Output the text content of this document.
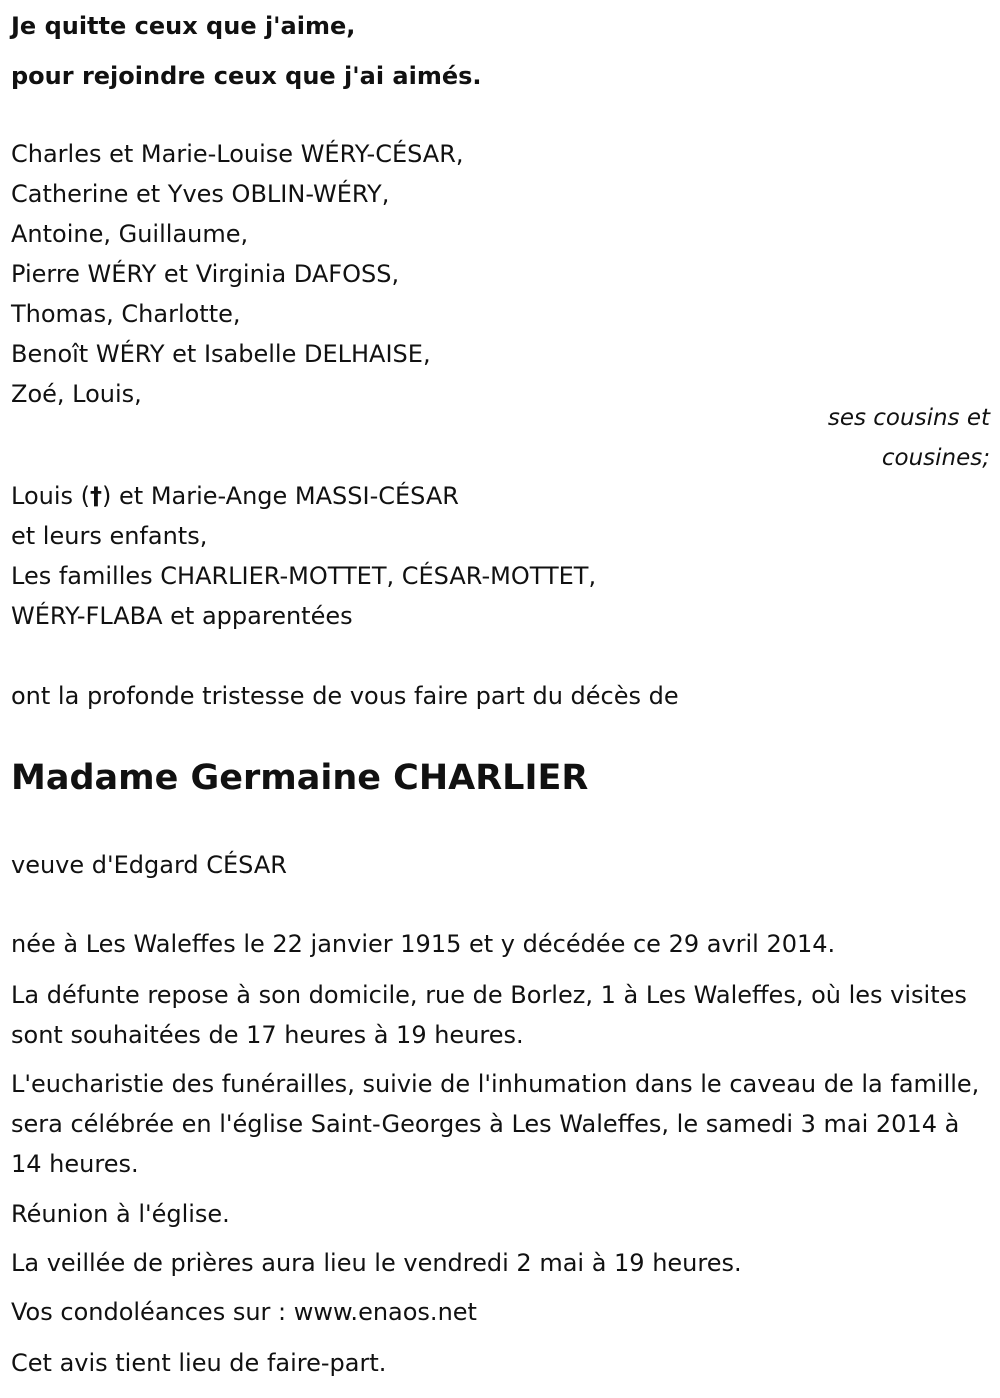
Je quitte ceux que j'aime,
pour rejoindre ceux que j'ai aimés.
Charles et Marie-Louise WÉRY-CÉSAR,
Catherine et Yves OBLIN-WÉRY,
Antoine, Guillaume,
Pierre WÉRY et Virginia DAFOSS,
Thomas, Charlotte,
Benoît WÉRY et Isabelle DELHAISE,
Zoé, Louis,
ses cousins et
cousines;
Louis (†) et Marie-Ange MASSI-CÉSAR
et leurs enfants,
Les familles CHARLIER-MOTTET, CÉSAR-MOTTET,
WÉRY-FLABA et apparentées
ont la profonde tristesse de vous faire part du décès de
Madame Germaine CHARLIER
veuve d'Edgard CÉSAR
née à Les Waleffes le 22 janvier 1915 et y décédée ce 29 avril 2014.
La défunte repose à son domicile, rue de Borlez, 1 à Les Waleffes, où les visites sont souhaitées de 17 heures à 19 heures.
L'eucharistie des funérailles, suivie de l'inhumation dans le caveau de la famille, sera célébrée en l'église Saint-Georges à Les Waleffes, le samedi 3 mai 2014 à 14 heures.
Réunion à l'église.
La veillée de prières aura lieu le vendredi 2 mai à 19 heures.
Vos condoléances sur : www.enaos.net
Cet avis tient lieu de faire-part.
